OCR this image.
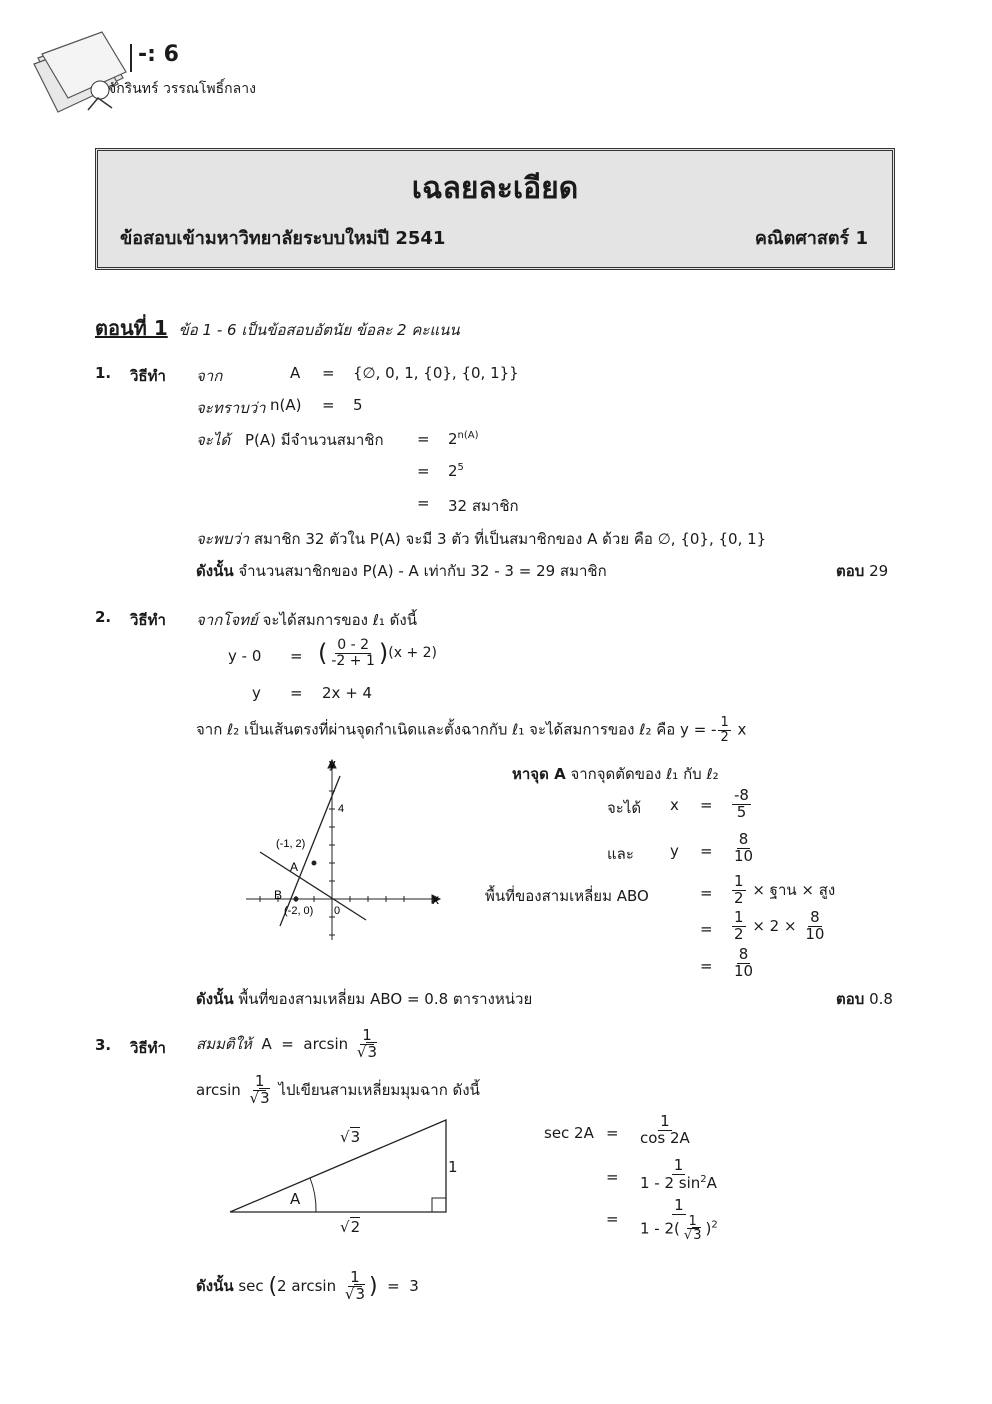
-: 6
จักรินทร์ วรรณโพธิ์กลาง
เฉลยละเอียด
ข้อสอบเข้ามหาวิทยาลัยระบบใหม่ปี 2541	คณิตศาสตร์ 1
ตอนที่ 1 ข้อ 1 - 6 เป็นข้อสอบอัตนัย ข้อละ 2 คะแนน
1. วิธีทำ จาก	A = {∅, 0, 1, {0}, {0, 1}}
จะทราบว่า n(A) = 5
จะได้ P(A) มีจำนวนสมาชิก = $2^{n(A)}$
= $2^5$
= 32 สมาชิก
จะพบว่า สมาชิก 32 ตัวใน P(A) จะมี 3 ตัว ที่เป็นสมาชิกของ A ด้วย คือ ∅, {0}, {0, 1}
ดังนั้น จำนวนสมาชิกของ P(A) - A เท่ากับ 32 - 3 = 29 สมาชิก	ตอบ 29
2. วิธีทำ จากโจทย์ จะได้สมการของ ℓ₁ ดังนี้
y - 0 = ( $\frac{0 - 2}{-2 + 1} )(x + 2)$
y = 2x + 4
จาก ℓ₂ เป็นเส้นตรงที่ผ่านจุดกำเนิดและตั้งฉากกับ ℓ₁ จะได้สมการของ ℓ₂ คือ y = - $\frac{1}{2}$ x
y
x
4
(-1, 2)
A
B
(-2, 0) 0
หาจุด A จากจุดตัดของ ℓ₁ กับ ℓ₂
จะได้ $x = \frac{-8}{5}$
และ $y = \frac{8}{10}$
พื้นที่ของสามเหลี่ยม ABO	= $\frac{1}{2}$ × ฐาน × สูง
= $\frac{1}{2} \times 2 \times \frac{8}{10}$
= $\frac{8}{10}$
ดังนั้น พื้นที่ของสามเหลี่ยม ABO = 0.8 ตารางหน่วย	ตอบ 0.8
3. วิธีทำ สมมติให้ $A = \arcsin \frac{1}{√3}$
$\arcsin \frac{1}{√3}$ ไปเขียนสามเหลี่ยมมุมฉาก ดังนี้
√3
1
A
√2
$\sec 2A = \frac{1}{\cos 2A}$
= $\frac{1}{1 - 2 \sin^2A}$
= $\frac{1}{1 - 2( \frac{1}{√3} )^2}$
ดังนั้น sec (2 $\arcsin \frac{1}{√3}$ ) = 3
